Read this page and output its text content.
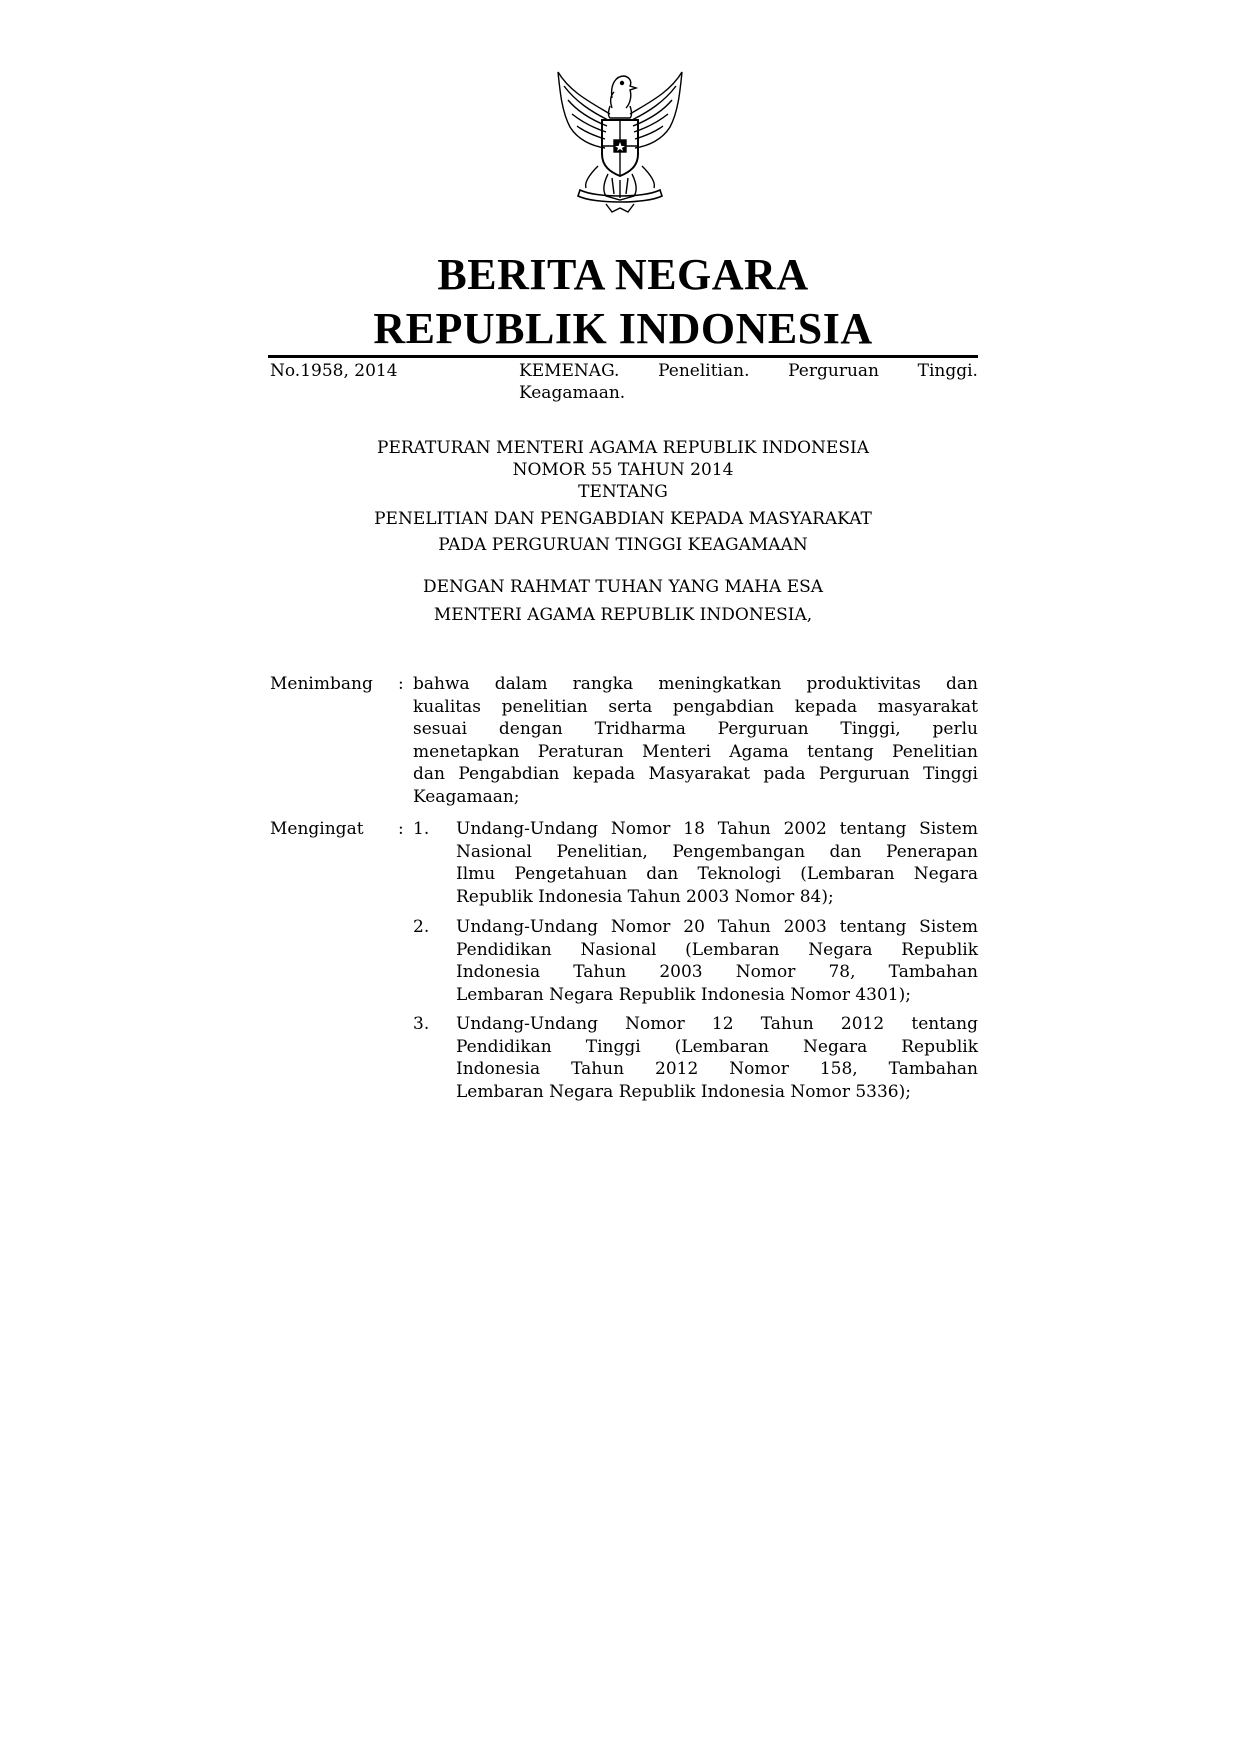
BERITA NEGARA
REPUBLIK INDONESIA
No.1958, 2014	KEMENAG. Penelitian. Perguruan Tinggi.
Keagamaan.
PERATURAN MENTERI AGAMA REPUBLIK INDONESIA
NOMOR 55 TAHUN 2014
TENTANG
PENELITIAN DAN PENGABDIAN KEPADA MASYARAKAT
PADA PERGURUAN TINGGI KEAGAMAAN
DENGAN RAHMAT TUHAN YANG MAHA ESA
MENTERI AGAMA REPUBLIK INDONESIA,
Menimbang : bahwa dalam rangka meningkatkan produktivitas dan
kualitas penelitian serta pengabdian kepada masyarakat
sesuai dengan Tridharma Perguruan Tinggi, perlu
menetapkan Peraturan Menteri Agama tentang Penelitian
dan Pengabdian kepada Masyarakat pada Perguruan Tinggi
Keagamaan;
Mengingat : 1. Undang-Undang Nomor 18 Tahun 2002 tentang Sistem
Nasional Penelitian, Pengembangan dan Penerapan
Ilmu Pengetahuan dan Teknologi (Lembaran Negara
Republik Indonesia Tahun 2003 Nomor 84);
2. Undang-Undang Nomor 20 Tahun 2003 tentang Sistem
Pendidikan Nasional (Lembaran Negara Republik
Indonesia Tahun 2003 Nomor 78, Tambahan
Lembaran Negara Republik Indonesia Nomor 4301);
3. Undang-Undang Nomor 12 Tahun 2012 tentang
Pendidikan Tinggi (Lembaran Negara Republik
Indonesia Tahun 2012 Nomor 158, Tambahan
Lembaran Negara Republik Indonesia Nomor 5336);
